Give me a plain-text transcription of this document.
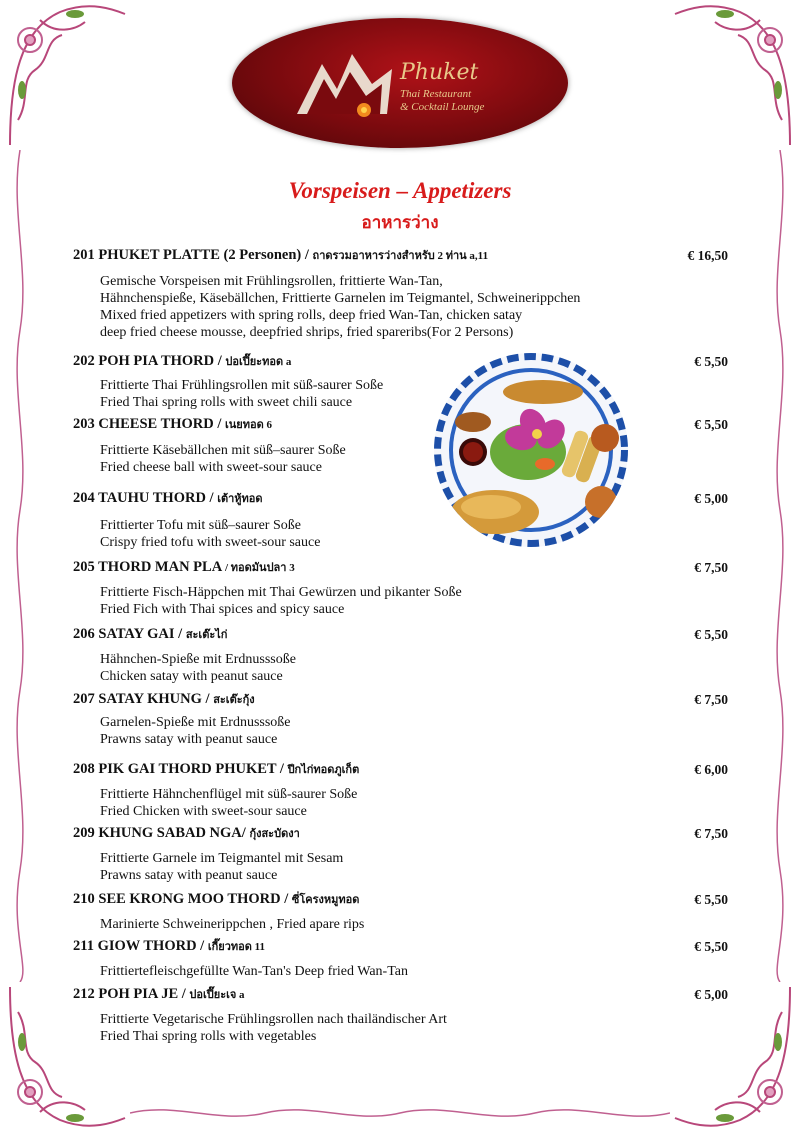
Phuket
Thai Restaurant
& Cocktail Lounge
Vorspeisen – Appetizers
อาหารว่าง
201 PHUKET PLATTE (2 Personen) / ถาดรวมอาหารว่างสำหรับ 2 ท่าน a,11	€ 16,50
Gemische Vorspeisen mit Frühlingsrollen, frittierte Wan-Tan,
Hähnchenspieße, Käsebällchen, Frittierte Garnelen im Teigmantel, Schweinerippchen
Mixed fried appetizers with spring rolls, deep fried Wan-Tan, chicken satay
deep fried cheese mousse, deepfried shrips, fried spareribs(For 2 Persons)
202 POH PIA THORD / ปอเปี๊ยะทอด a	€ 5,50
Frittierte Thai Frühlingsrollen mit süß-saurer Soße
Fried Thai spring rolls with sweet chili sauce
203 CHEESE THORD / เนยทอด 6	€ 5,50
Frittierte Käsebällchen mit süß–saurer Soße
Fried cheese ball with sweet-sour sauce
204 TAUHU THORD / เต้าหู้ทอด	€ 5,00
Frittierter Tofu mit süß–saurer Soße
Crispy fried tofu with sweet-sour sauce
205 THORD MAN PLA / ทอดมันปลา 3	€ 7,50
Frittierte Fisch-Häppchen mit Thai Gewürzen und pikanter Soße
Fried Fich with Thai spices and spicy sauce
206 SATAY GAI / สะเต๊ะไก่	€ 5,50
Hähnchen-Spieße mit Erdnusssoße
Chicken satay with peanut sauce
207 SATAY KHUNG / สะเต๊ะกุ้ง	€ 7,50
Garnelen-Spieße mit Erdnusssoße
Prawns satay with peanut sauce
208 PIK GAI THORD PHUKET / ปีกไก่ทอดภูเก็ต	€ 6,00
Frittierte Hähnchenflügel mit süß-saurer Soße
Fried Chicken with sweet-sour sauce
209 KHUNG SABAD NGA/ กุ้งสะบัดงา	€ 7,50
Frittierte Garnele im Teigmantel mit Sesam
Prawns satay with peanut sauce
210 SEE KRONG MOO THORD / ซี่โครงหมูทอด	€ 5,50
Marinierte Schweinerippchen , Fried apare rips
211 GIOW THORD / เกี๊ยวทอด 11	€ 5,50
Frittiertefleischgefüllte Wan-Tan's Deep fried Wan-Tan
212 POH PIA JE / ปอเปี๊ยะเจ a	€ 5,00
Frittierte Vegetarische Frühlingsrollen nach thailändischer Art
Fried Thai spring rolls with vegetables
